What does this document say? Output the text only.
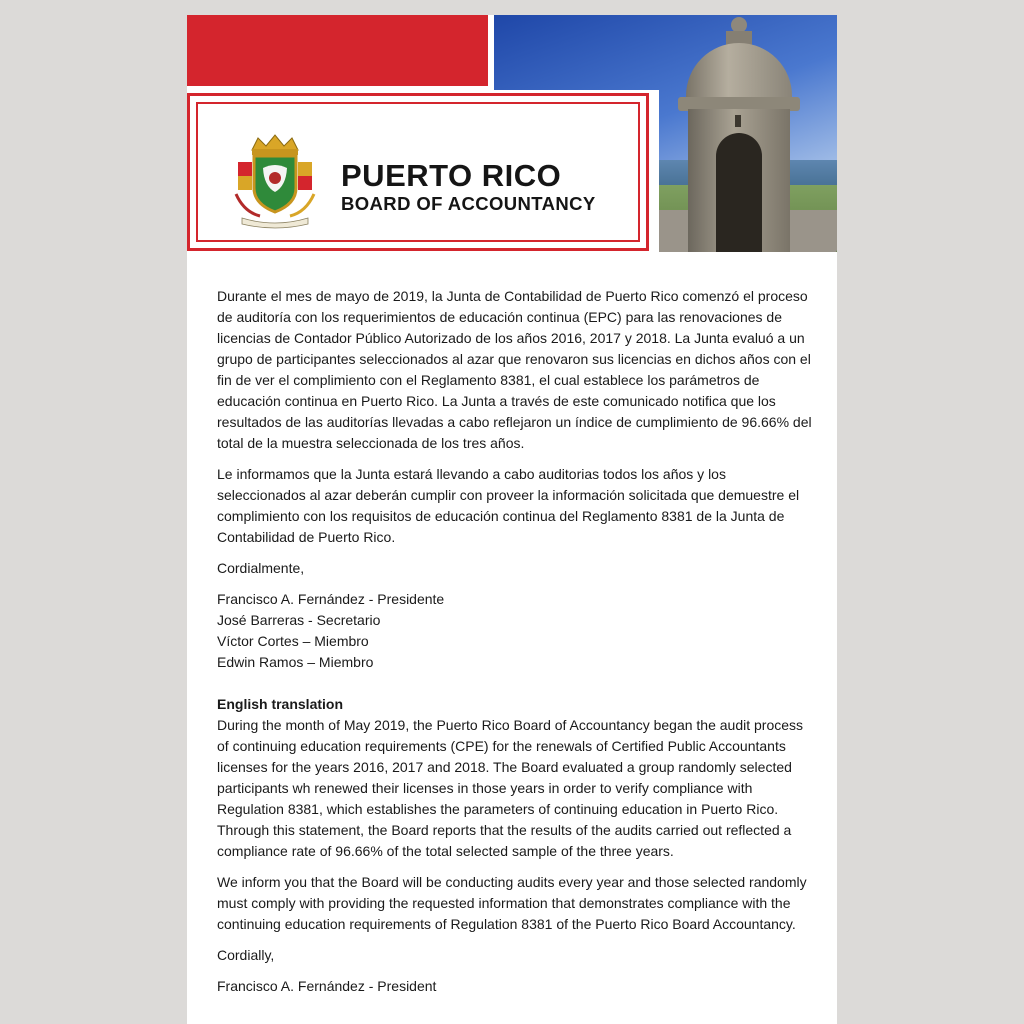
PUERTO RICO
BOARD OF ACCOUNTANCY

Durante el mes de mayo de 2019, la Junta de Contabilidad de Puerto Rico comenzó el proceso de auditoría con los requerimientos de educación continua (EPC) para las renovaciones de licencias de Contador Público Autorizado de los años 2016, 2017 y 2018. La Junta evaluó a un grupo de participantes seleccionados al azar que renovaron sus licencias en dichos años con el fin de ver el complimiento con el Reglamento 8381, el cual establece los parámetros de educación continua en Puerto Rico. La Junta a través de este comunicado notifica que los resultados de las auditorías llevadas a cabo reflejaron un índice de cumplimiento de 96.66% del total de la muestra seleccionada de los tres años.

Le informamos que la Junta estará llevando a cabo auditorias todos los años y los seleccionados al azar deberán cumplir con proveer la información solicitada que demuestre el complimiento con los requisitos de educación continua del Reglamento 8381 de la Junta de Contabilidad de Puerto Rico.

Cordialmente,

Francisco A. Fernández - Presidente
José Barreras - Secretario
Víctor Cortes – Miembro
Edwin Ramos – Miembro

English translation
During the month of May 2019, the Puerto Rico Board of Accountancy began the audit process of continuing education requirements (CPE) for the renewals of Certified Public Accountants licenses for the years 2016, 2017 and 2018. The Board evaluated a group randomly selected participants wh renewed their licenses in those years in order to verify compliance with Regulation 8381, which establishes the parameters of continuing education in Puerto Rico. Through this statement, the Board reports that the results of the audits carried out reflected a compliance rate of 96.66% of the total selected sample of the three years.

We inform you that the Board will be conducting audits every year and those selected randomly must comply with providing the requested information that demonstrates compliance with the continuing education requirements of Regulation 8381 of the Puerto Rico Board Accountancy.

Cordially,

Francisco A. Fernández - President
